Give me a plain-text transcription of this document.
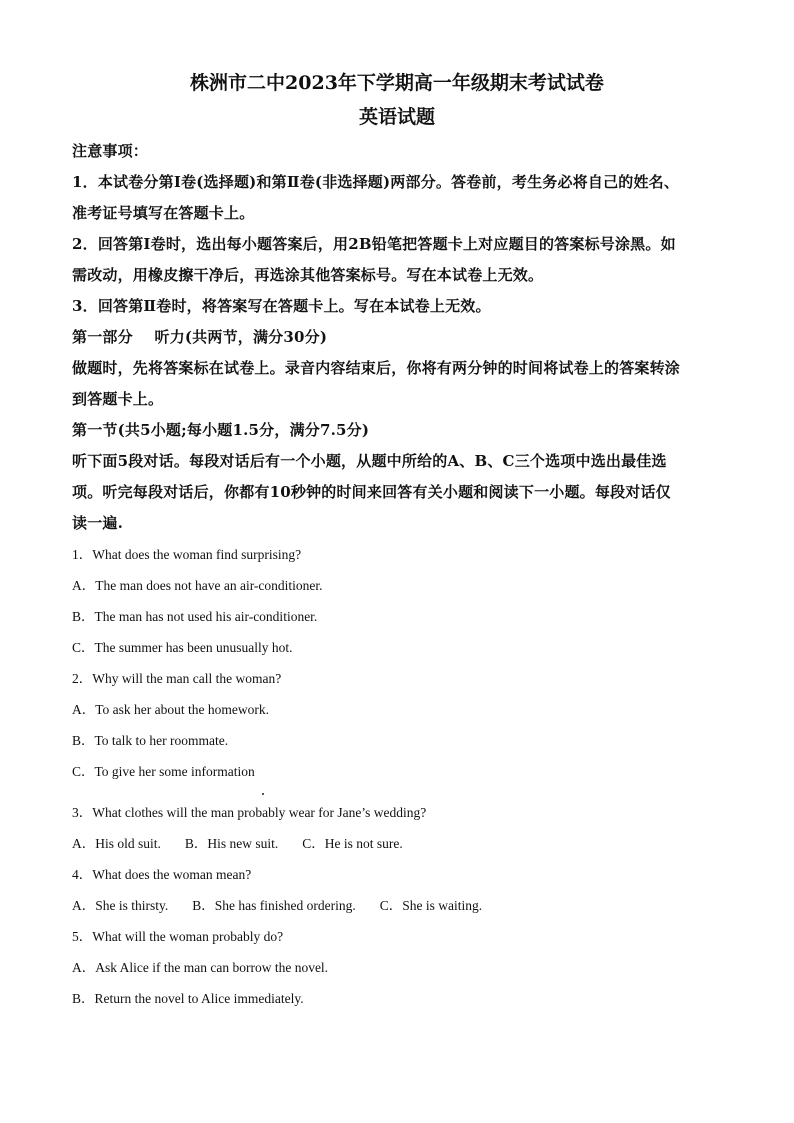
株洲市二中2023年下学期高一年级期末考试试卷

英语试题

注意事项：

1．本试卷分第Ⅰ卷(选择题)和第Ⅱ卷(非选择题)两部分。答卷前，考生务必将自己的姓名、

准考证号填写在答题卡上。

2．回答第Ⅰ卷时，选出每小题答案后，用2B铅笔把答题卡上对应题目的答案标号涂黑。如

需改动，用橡皮擦干净后，再选涂其他答案标号。写在本试卷上无效。

3．回答第Ⅱ卷时，将答案写在答题卡上。写在本试卷上无效。

第一部分    听力(共两节，满分30分)

做题时，先将答案标在试卷上。录音内容结束后，你将有两分钟的时间将试卷上的答案转涂

到答题卡上。

第一节(共5小题;每小题1.5分，满分7.5分)

听下面5段对话。每段对话后有一个小题，从题中所给的A、B、C三个选项中选出最佳选

项。听完每段对话后，你都有10秒钟的时间来回答有关小题和阅读下一小题。每段对话仅

读一遍.

1．What does the woman find surprising?

A．The man does not have an air-conditioner.

B．The man has not used his air-conditioner.

C．The summer has been unusually hot.

2．Why will the man call the woman?

A．To ask her about the homework.

B．To talk to her roommate.

C．To give her some information

3．What clothes will the man probably wear for Jane’s wedding?

A．His old suit. B．His new suit. C．He is not sure.

4．What does the woman mean?

A．She is thirsty. B．She has finished ordering. C．She is waiting.

5．What will the woman probably do?

A．Ask Alice if the man can borrow the novel.

B．Return the novel to Alice immediately.
